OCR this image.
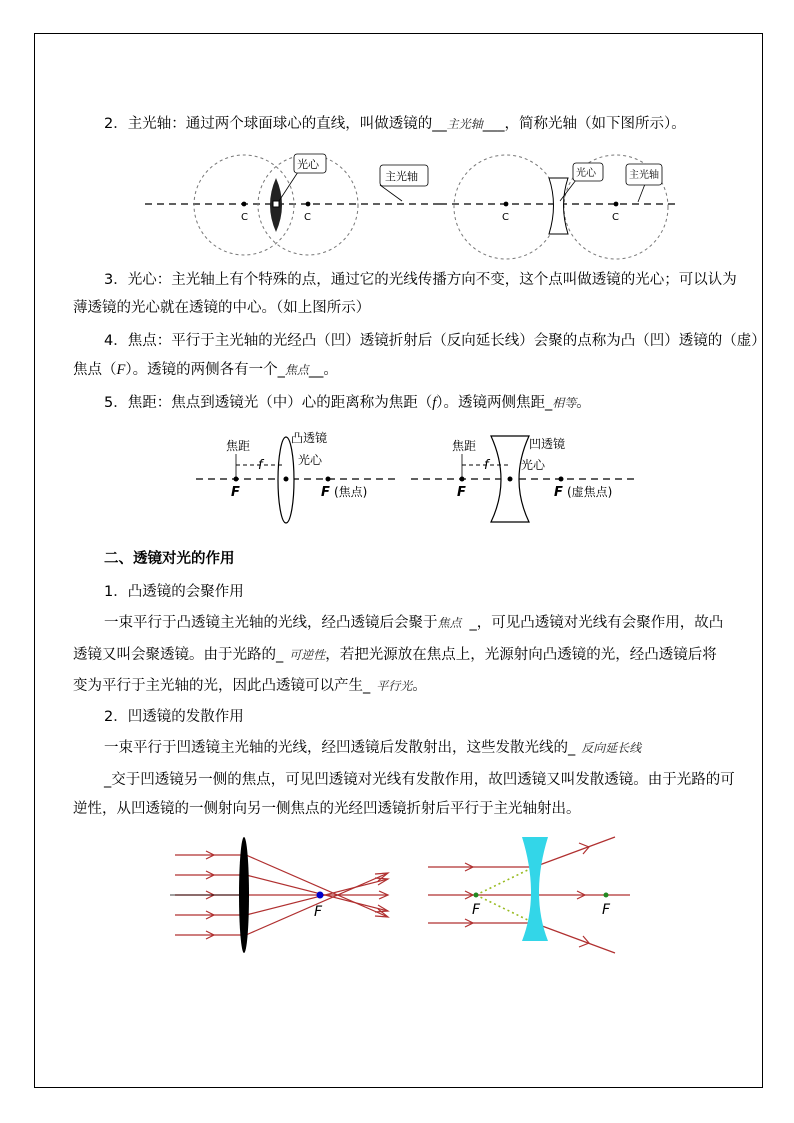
2．主光轴：通过两个球面球心的直线，叫做透镜的__主光轴___，简称光轴（如下图所示）。
C	C
光心
主光轴
C	C
光心	主光轴
3．光心：主光轴上有个特殊的点，通过它的光线传播方向不变，这个点叫做透镜的光心；可以认为
薄透镜的光心就在透镜的中心。（如上图所示）
4．焦点：平行于主光轴的光经凸（凹）透镜折射后（反向延长线）会聚的点称为凸（凹）透镜的（虚）
焦点（F）。透镜的两侧各有一个_焦点__。
5．焦距：焦点到透镜光（中）心的距离称为焦距（f）。透镜两侧焦距_相等。
焦距
f
凸透镜
光心
F	F (焦点)
焦距
f
凹透镜
光心
F	F (虚焦点)
二、透镜对光的作用
1．凸透镜的会聚作用
一束平行于凸透镜主光轴的光线，经凸透镜后会聚于焦点 _，可见凸透镜对光线有会聚作用，故凸
透镜又叫会聚透镜。由于光路的_ 可逆性，若把光源放在焦点上，光源射向凸透镜的光，经凸透镜后将
变为平行于主光轴的光，因此凸透镜可以产生_ 平行光。
2．凹透镜的发散作用
一束平行于凹透镜主光轴的光线，经凹透镜后发散射出，这些发散光线的_ 反向延长线
_交于凹透镜另一侧的焦点，可见凹透镜对光线有发散作用，故凹透镜又叫发散透镜。由于光路的可
逆性，从凹透镜的一侧射向另一侧焦点的光经凹透镜折射后平行于主光轴射出。
F	F	F
